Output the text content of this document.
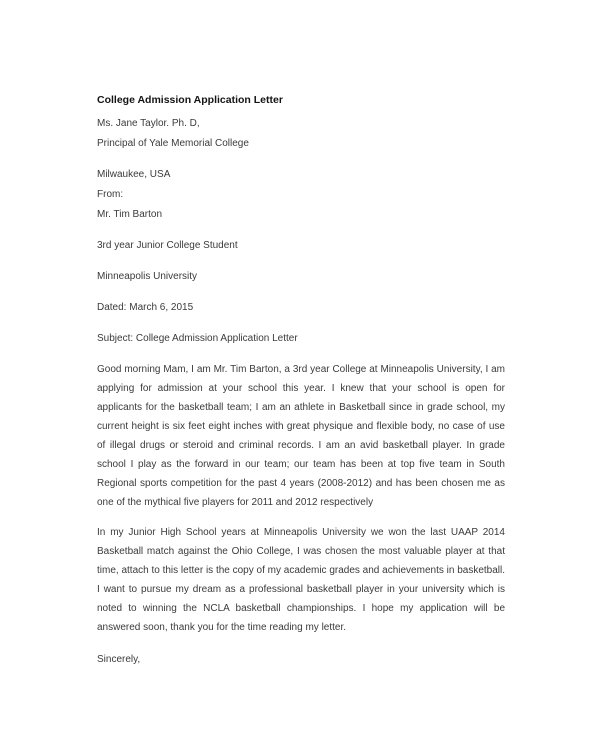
College Admission Application Letter

Ms. Jane Taylor. Ph. D,

Principal of Yale Memorial College

Milwaukee, USA

From:

Mr. Tim Barton

3rd year Junior College Student

Minneapolis University

Dated: March 6, 2015

Subject: College Admission Application Letter

Good morning Mam, I am Mr. Tim Barton, a 3rd year College at Minneapolis University, I am applying for admission at your school this year. I knew that your school is open for applicants for the basketball team; I am an athlete in Basketball since in grade school, my current height is six feet eight inches with great physique and flexible body, no case of use of illegal drugs or steroid and criminal records. I am an avid basketball player. In grade school I play as the forward in our team; our team has been at top five team in South Regional sports competition for the past 4 years (2008-2012) and has been chosen me as one of the mythical five players for 2011 and 2012 respectively

In my Junior High School years at Minneapolis University we won the last UAAP 2014 Basketball match against the Ohio College, I was chosen the most valuable player at that time, attach to this letter is the copy of my academic grades and achievements in basketball. I want to pursue my dream as a professional basketball player in your university which is noted to winning the NCLA basketball championships. I hope my application will be answered soon, thank you for the time reading my letter.

Sincerely,
